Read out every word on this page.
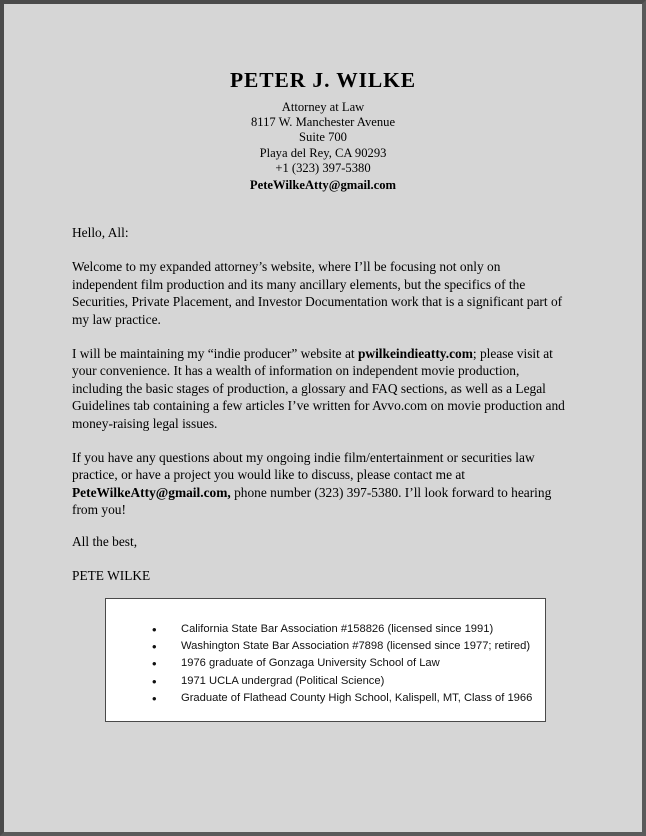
PETER J. WILKE
Attorney at Law
8117 W. Manchester Avenue
Suite 700
Playa del Rey, CA 90293
+1 (323) 397-5380
PeteWilkeAtty@gmail.com

Hello, All:

Welcome to my expanded attorney’s website, where I’ll be focusing not only on independent film production and its many ancillary elements, but the specifics of the Securities, Private Placement, and Investor Documentation work that is a significant part of my law practice.

I will be maintaining my “indie producer” website at pwilkeindieatty.com; please visit at your convenience. It has a wealth of information on independent movie production, including the basic stages of production, a glossary and FAQ sections, as well as a Legal Guidelines tab containing a few articles I’ve written for Avvo.com on movie production and money-raising legal issues.

If you have any questions about my ongoing indie film/entertainment or securities law practice, or have a project you would like to discuss, please contact me at PeteWilkeAtty@gmail.com, phone number (323) 397-5380. I’ll look forward to hearing from you!

All the best,

PETE WILKE

• California State Bar Association #158826 (licensed since 1991)
• Washington State Bar Association #7898 (licensed since 1977; retired)
• 1976 graduate of Gonzaga University School of Law
• 1971 UCLA undergrad (Political Science)
• Graduate of Flathead County High School, Kalispell, MT, Class of 1966
